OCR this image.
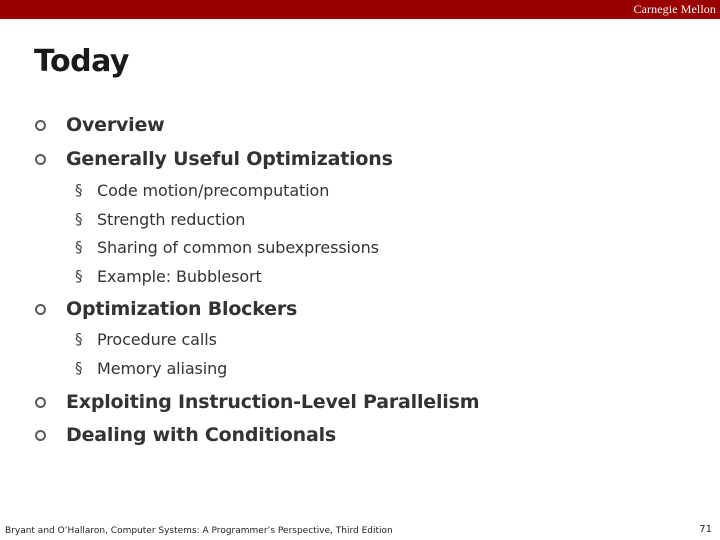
Carnegie Mellon
Today
Overview
Generally Useful Optimizations
§ Code motion/precomputation
§ Strength reduction
§ Sharing of common subexpressions
§ Example: Bubblesort
Optimization Blockers
§ Procedure calls
§ Memory aliasing
Exploiting Instruction-Level Parallelism
Dealing with Conditionals
Bryant and O’Hallaron, Computer Systems: A Programmer’s Perspective, Third Edition	71
